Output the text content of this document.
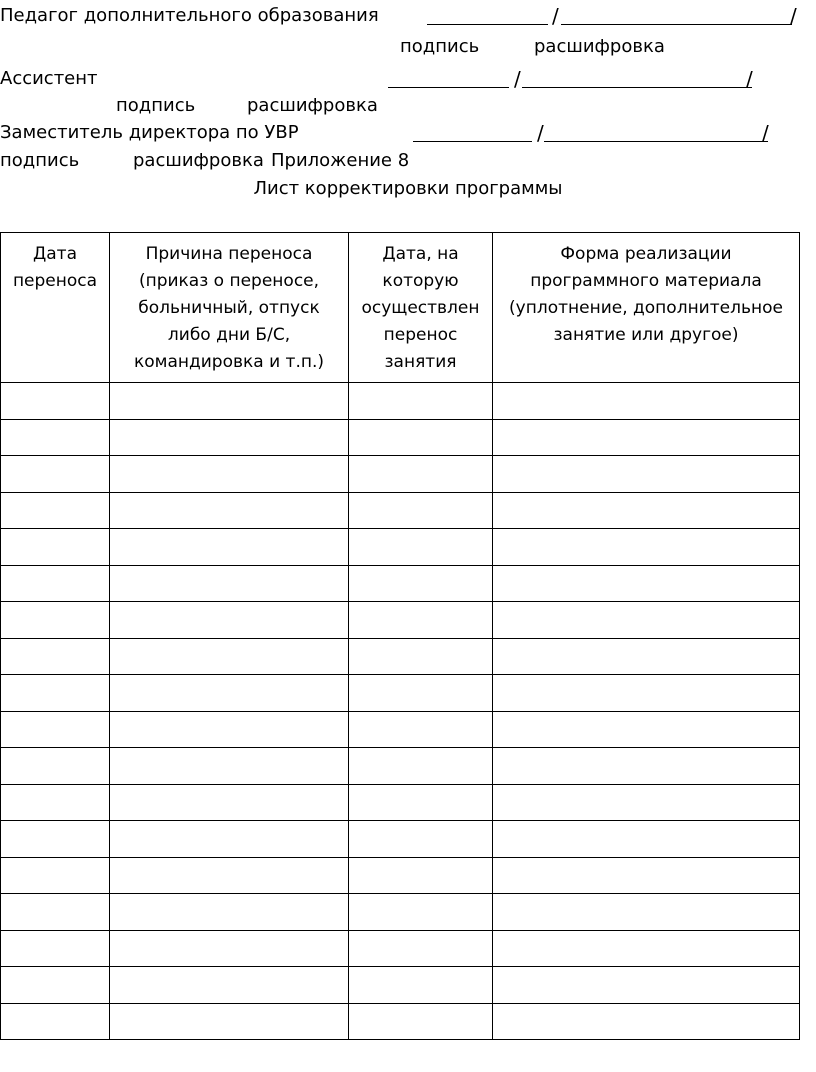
Педагог дополнительного образования	/	/
подпись	расшифровка
Ассистент	/	/
подпись	расшифровка
Заместитель директора по УВР	/	/
подпись	расшифровка Приложение 8
Лист корректировки программы
Дата переноса	Причина переноса (приказ о переносе, больничный, отпуск либо дни Б/С, командировка и т.п.)	Дата, на которую осуществлен перенос занятия	Форма реализации программного материала (уплотнение, дополнительное занятие или другое)
